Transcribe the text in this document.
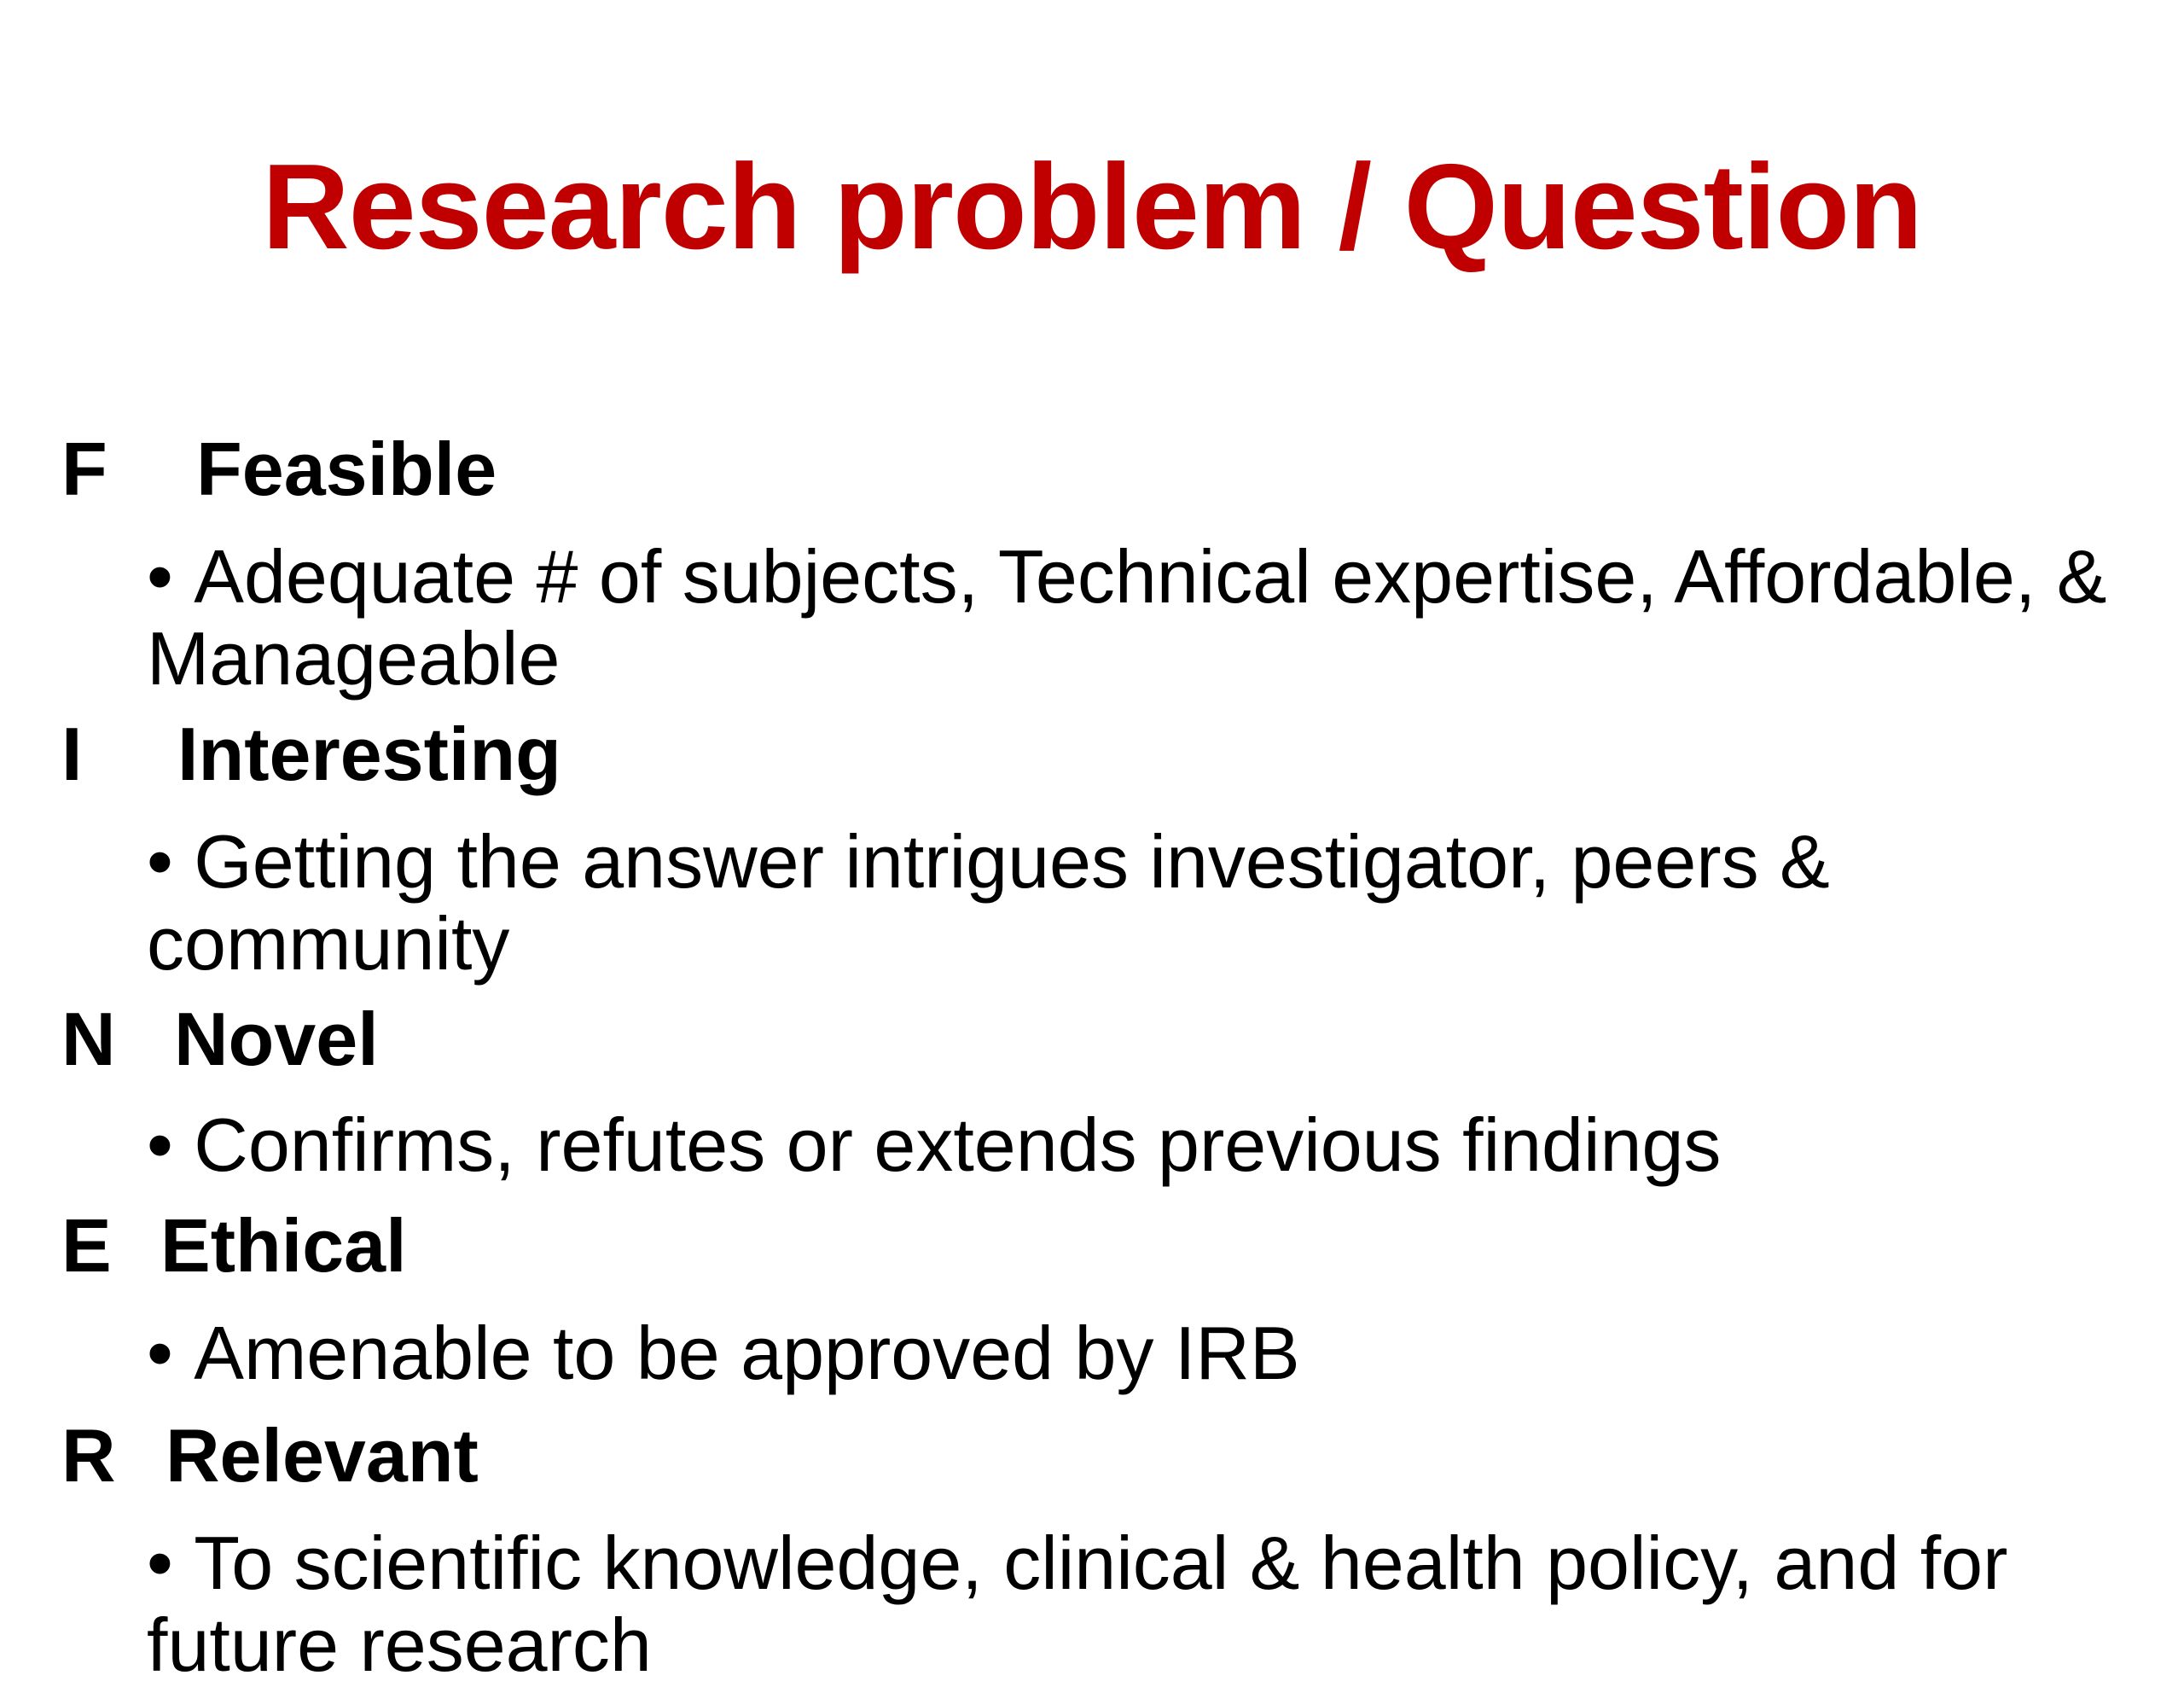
Research problem / Question
F	Feasible
• Adequate # of subjects, Technical expertise, Affordable, & Manageable
I	Interesting
• Getting the answer intrigues investigator, peers & community
N Novel
• Confirms, refutes or extends previous findings
E Ethical
• Amenable to be approved by IRB
R Relevant
• To scientific knowledge, clinical & health policy, and for future research
